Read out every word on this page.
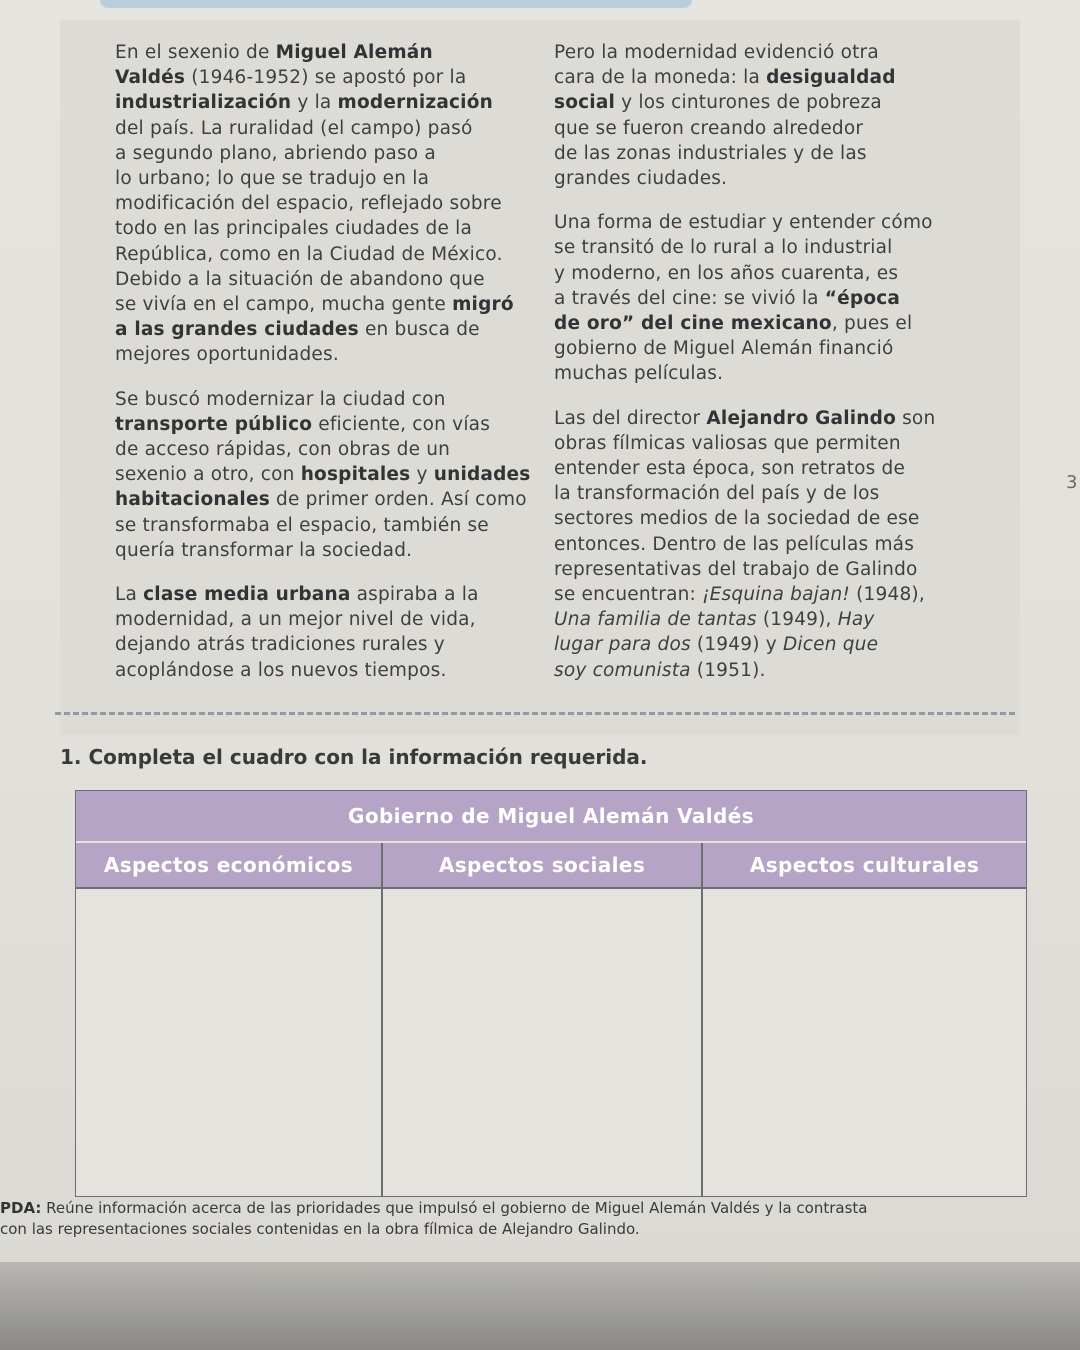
En el sexenio de Miguel Alemán
Valdés (1946-1952) se apostó por la
industrialización y la modernización
del país. La ruralidad (el campo) pasó
a segundo plano, abriendo paso a
lo urbano; lo que se tradujo en la
modificación del espacio, reflejado sobre
todo en las principales ciudades de la
República, como en la Ciudad de México.
Debido a la situación de abandono que
se vivía en el campo, mucha gente migró
a las grandes ciudades en busca de
mejores oportunidades.

Se buscó modernizar la ciudad con
transporte público eficiente, con vías
de acceso rápidas, con obras de un
sexenio a otro, con hospitales y unidades
habitacionales de primer orden. Así como
se transformaba el espacio, también se
quería transformar la sociedad.

La clase media urbana aspiraba a la
modernidad, a un mejor nivel de vida,
dejando atrás tradiciones rurales y
acoplándose a los nuevos tiempos.

Pero la modernidad evidenció otra
cara de la moneda: la desigualdad
social y los cinturones de pobreza
que se fueron creando alrededor
de las zonas industriales y de las
grandes ciudades.

Una forma de estudiar y entender cómo
se transitó de lo rural a lo industrial
y moderno, en los años cuarenta, es
a través del cine: se vivió la “época
de oro” del cine mexicano, pues el
gobierno de Miguel Alemán financió
muchas películas.

Las del director Alejandro Galindo son
obras fílmicas valiosas que permiten
entender esta época, son retratos de
la transformación del país y de los
sectores medios de la sociedad de ese
entonces. Dentro de las películas más
representativas del trabajo de Galindo
se encuentran: ¡Esquina bajan! (1948),
Una familia de tantas (1949), Hay
lugar para dos (1949) y Dicen que
soy comunista (1951).

3
1. Completa el cuadro con la información requerida.
Gobierno de Miguel Alemán Valdés
Aspectos económicos	Aspectos sociales	Aspectos culturales
PDA: Reúne información acerca de las prioridades que impulsó el gobierno de Miguel Alemán Valdés y la contrasta
con las representaciones sociales contenidas en la obra fílmica de Alejandro Galindo.
